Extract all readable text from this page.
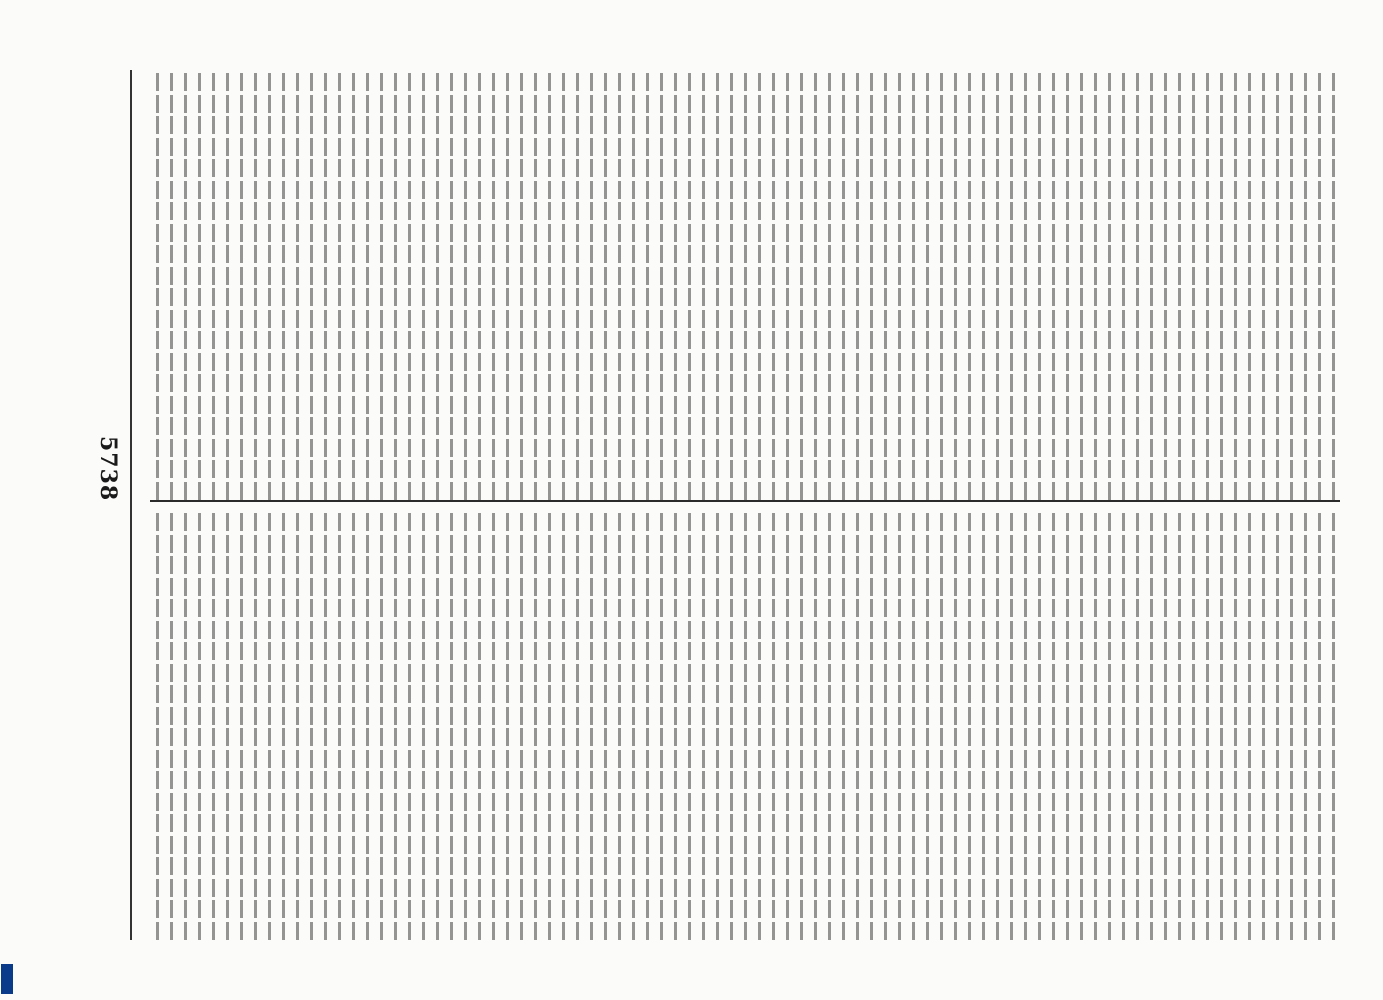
5738
